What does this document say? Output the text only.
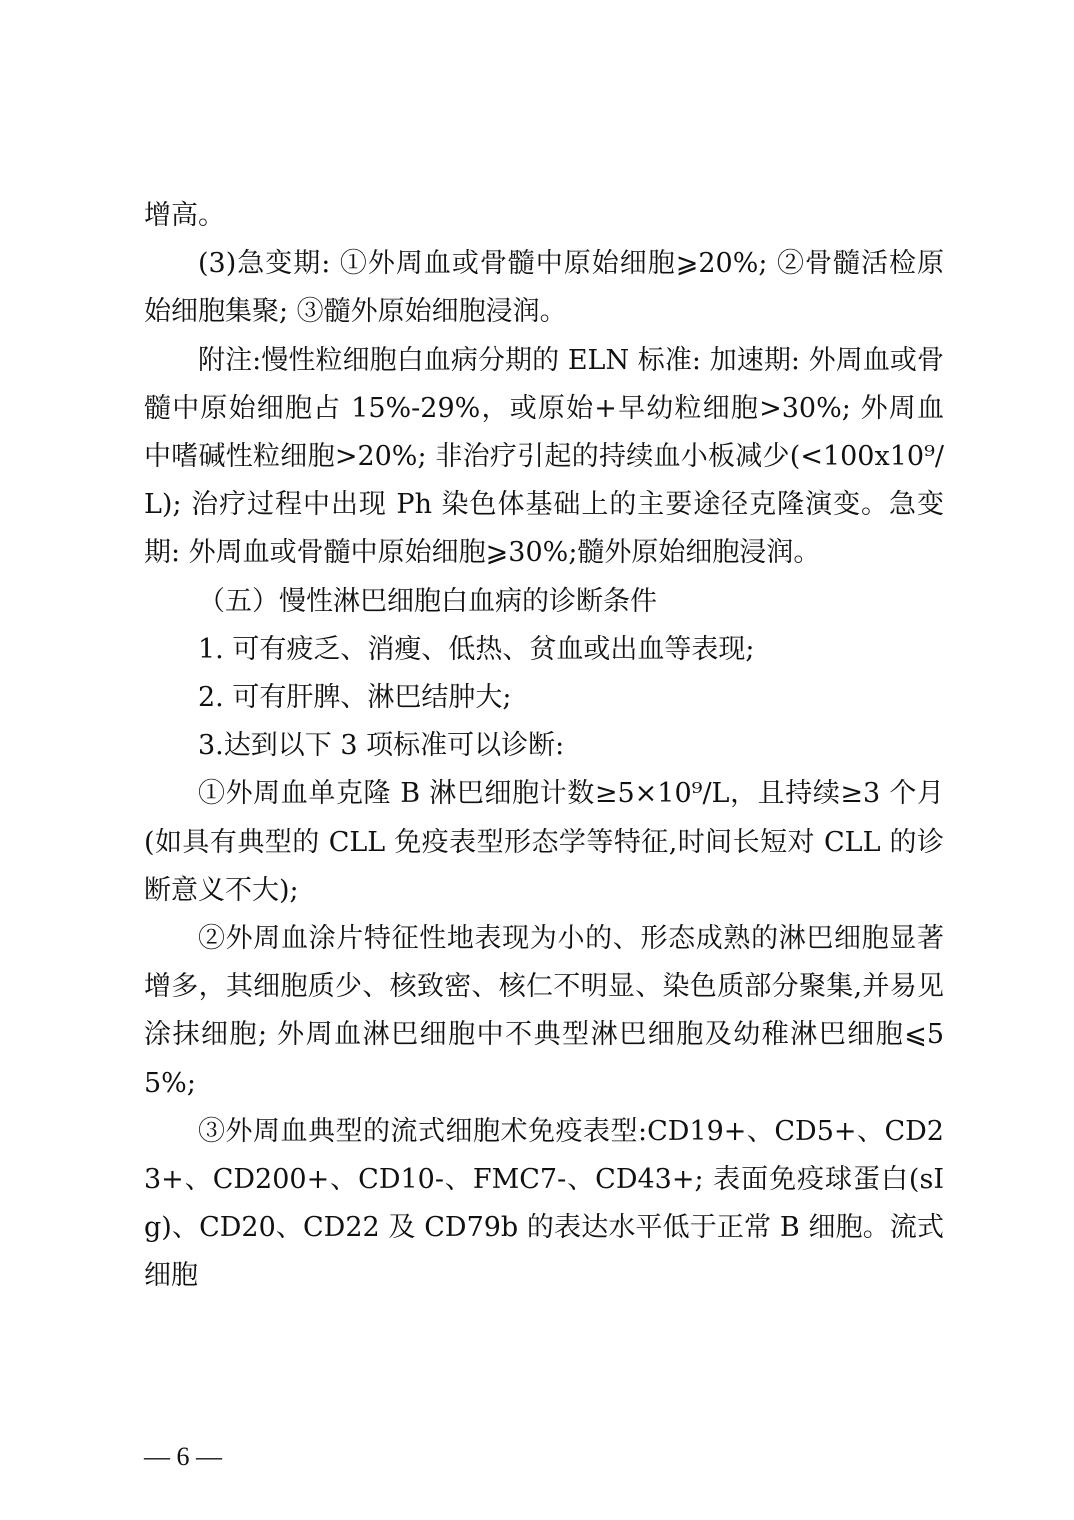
增高。

(3)急变期: ①外周血或骨髓中原始细胞⩾20%; ②骨髓活检原始细胞集聚; ③髓外原始细胞浸润。

附注:慢性粒细胞白血病分期的 ELN 标准: 加速期: 外周血或骨髓中原始细胞占 15%-29%，或原始+早幼粒细胞>30%; 外周血中嗜碱性粒细胞>20%; 非治疗引起的持续血小板减少(<100x10⁹/L); 治疗过程中出现 Ph 染色体基础上的主要途径克隆演变。急变期: 外周血或骨髓中原始细胞⩾30%;髓外原始细胞浸润。

（五）慢性淋巴细胞白血病的诊断条件

1. 可有疲乏、消瘦、低热、贫血或出血等表现;

2. 可有肝脾、淋巴结肿大;

3.达到以下 3 项标准可以诊断:

①外周血单克隆 B 淋巴细胞计数≥5×10⁹/L，且持续≥3 个月(如具有典型的 CLL 免疫表型形态学等特征,时间长短对 CLL 的诊断意义不大);

②外周血涂片特征性地表现为小的、形态成熟的淋巴细胞显著增多，其细胞质少、核致密、核仁不明显、染色质部分聚集,并易见涂抹细胞; 外周血淋巴细胞中不典型淋巴细胞及幼稚淋巴细胞⩽55%;

③外周血典型的流式细胞术免疫表型:CD19+、CD5+、CD23+、CD200+、CD10-、FMC7-、CD43+; 表面免疫球蛋白(sIg)、CD20、CD22 及 CD79b 的表达水平低于正常 B 细胞。流式细胞

— 6 —
